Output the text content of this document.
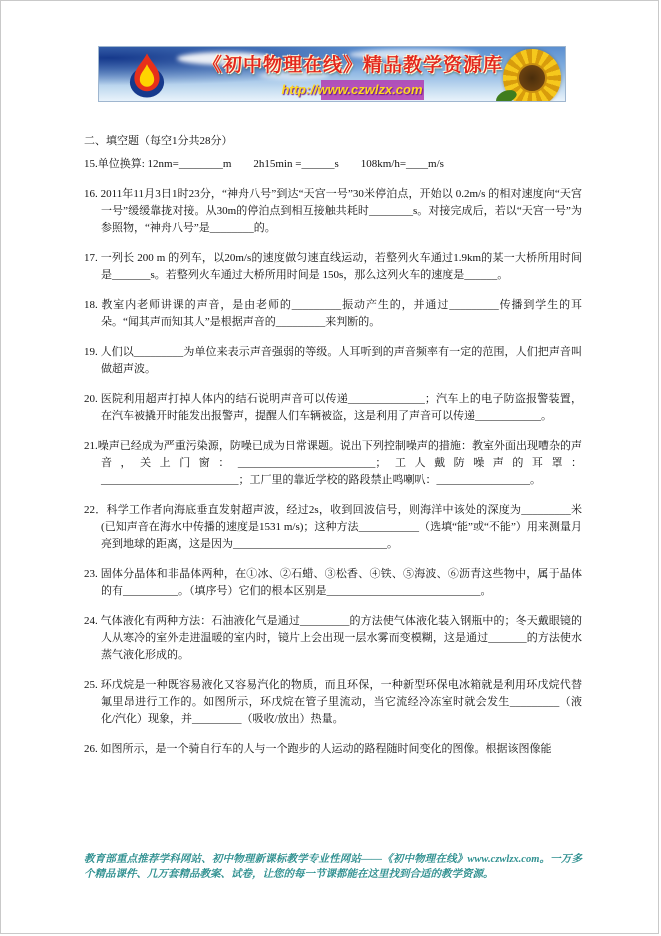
《初中物理在线》精品教学资源库
http://www.czwlzx.com

二、填空题（每空1分共28分）

15.单位换算: 12nm=________m        2h15min =______s        108km/h=____m/s

16. 2011年11月3日1时23分，“神舟八号”到达“天宫一号”30米停泊点，开始以 0.2m/s 的相对速度向“天宫一号”缓缓靠拢对接。从30m的停泊点到相互接触共耗时________s。对接完成后，若以“天宫一号”为参照物，“神舟八号”是________的。

17. 一列长 200 m 的列车，以20m/s的速度做匀速直线运动，若整列火车通过1.9km的某一大桥所用时间是_______s。若整列火车通过大桥所用时间是 150s，那么这列火车的速度是______。

18. 教室内老师讲课的声音，是由老师的_________振动产生的，并通过_________传播到学生的耳朵。“闻其声而知其人”是根据声音的_________来判断的。

19. 人们以_________为单位来表示声音强弱的等级。人耳听到的声音频率有一定的范围，人们把声音叫做超声波。

20. 医院利用超声打掉人体内的结石说明声音可以传递______________；汽车上的电子防盗报警装置，在汽车被撬开时能发出报警声，提醒人们车辆被盗，这是利用了声音可以传递____________。

21.噪声已经成为严重污染源，防噪已成为日常课题。说出下列控制噪声的措施：教室外面出现嘈杂的声音，关上门窗：_________________________；工人戴防噪声的耳罩：_________________________；工厂里的靠近学校的路段禁止鸣喇叭：_________________。

22．科学工作者向海底垂直发射超声波，经过2s，收到回波信号，则海洋中该处的深度为_________米(已知声音在海水中传播的速度是1531 m/s)；这种方法___________（选填“能”或“不能”）用来测量月亮到地球的距离，这是因为____________________________。

23. 固体分晶体和非晶体两种，在①冰、②石蜡、③松香、④铁、⑤海波、⑥沥青这些物中，属于晶体的有__________。（填序号）它们的根本区别是____________________________。

24. 气体液化有两种方法：石油液化气是通过_________的方法使气体液化装入钢瓶中的；冬天戴眼镜的人从寒冷的室外走进温暖的室内时，镜片上会出现一层水雾而变模糊，这是通过_______的方法使水蒸气液化形成的。

25. 环戊烷是一种既容易液化又容易汽化的物质，而且环保，一种新型环保电冰箱就是利用环戊烷代替氟里昂进行工作的。如图所示，环戊烷在管子里流动，当它流经冷冻室时就会发生_________（液化/汽化）现象，并_________（吸收/放出）热量。

26. 如图所示，是一个骑自行车的人与一个跑步的人运动的路程随时间变化的图像。根据该图像能

教育部重点推荐学科网站、初中物理新课标教学专业性网站——《初中物理在线》www.czwlzx.com。一万多个精品课件、几万套精品教案、试卷，让您的每一节课都能在这里找到合适的教学资源。
